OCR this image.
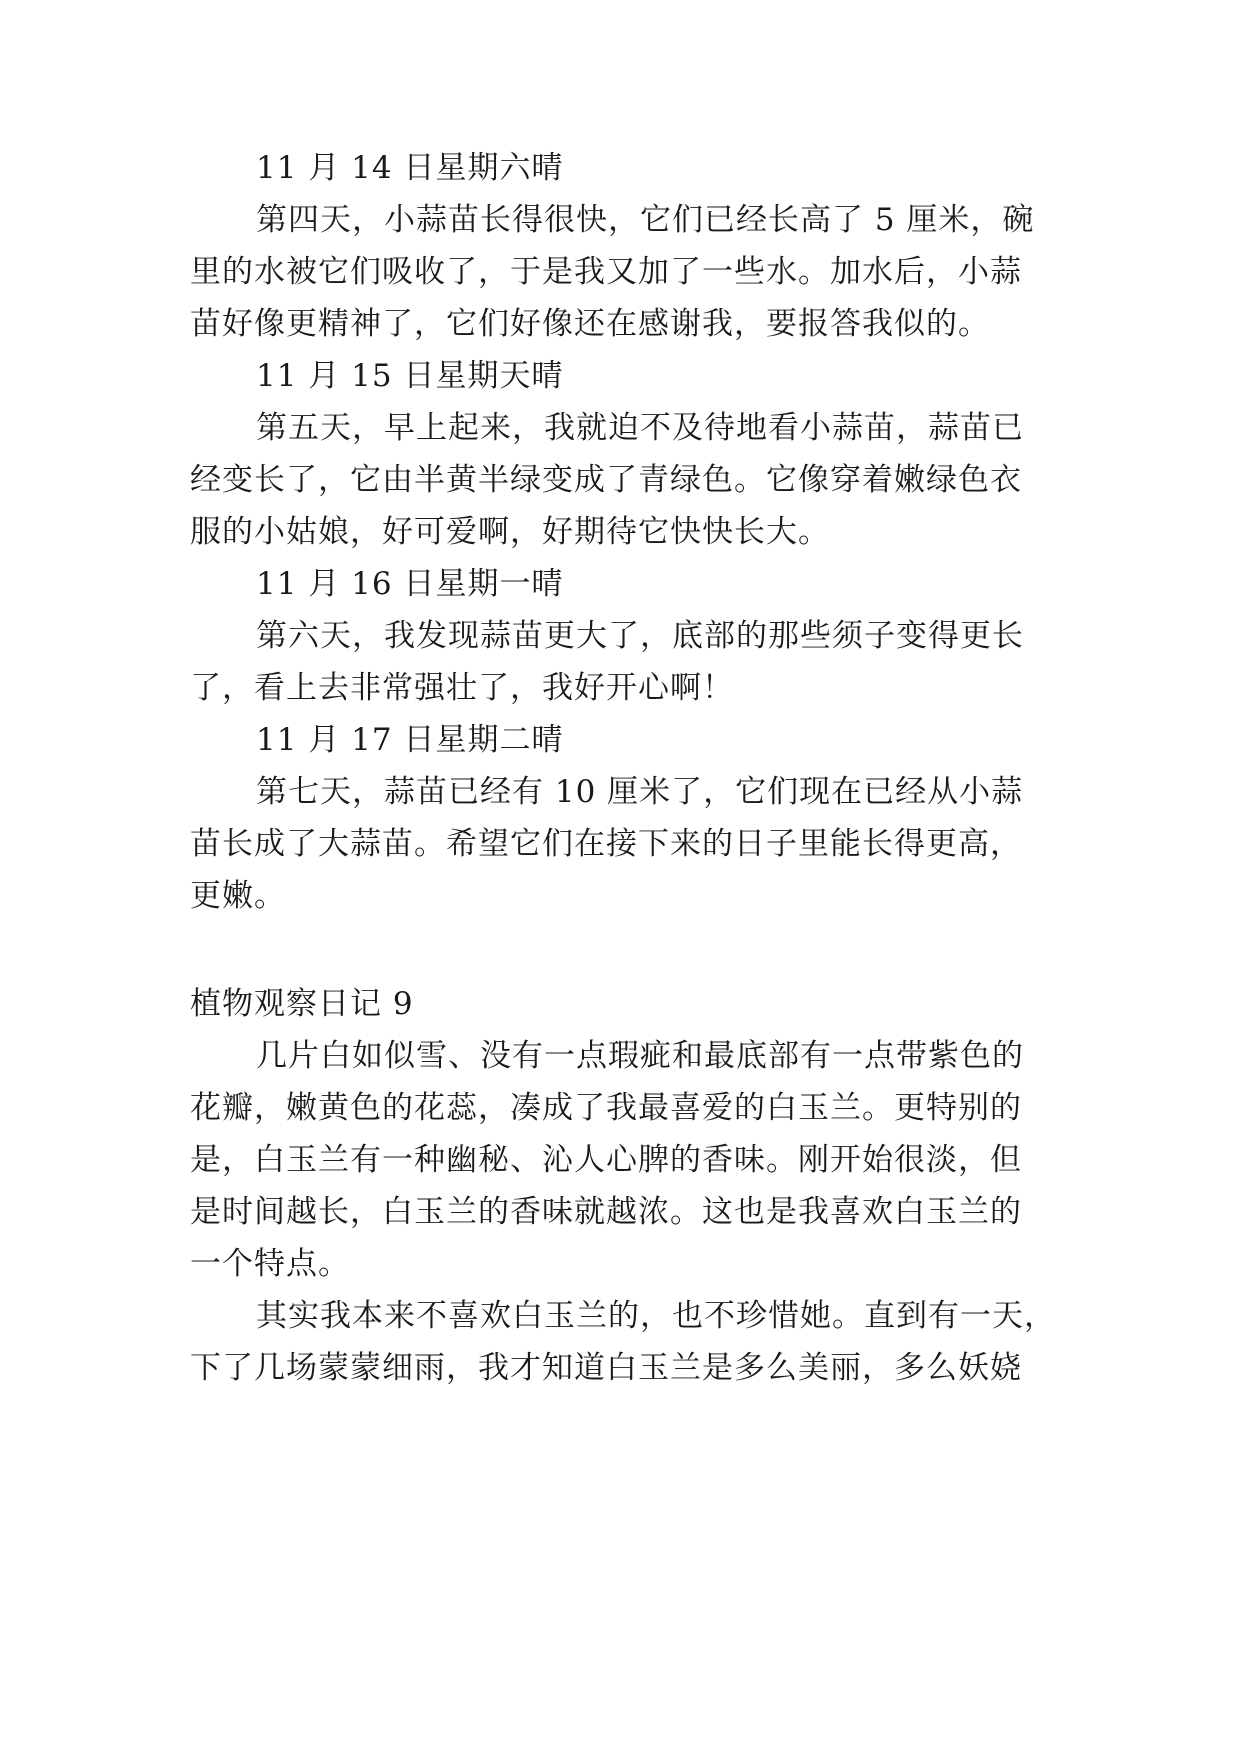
11 月 14 日星期六晴
第四天，小蒜苗长得很快，它们已经长高了 5 厘米，碗
里的水被它们吸收了，于是我又加了一些水。加水后，小蒜
苗好像更精神了，它们好像还在感谢我，要报答我似的。
11 月 15 日星期天晴
第五天，早上起来，我就迫不及待地看小蒜苗，蒜苗已
经变长了，它由半黄半绿变成了青绿色。它像穿着嫩绿色衣
服的小姑娘，好可爱啊，好期待它快快长大。
11 月 16 日星期一晴
第六天，我发现蒜苗更大了，底部的那些须子变得更长
了，看上去非常强壮了，我好开心啊！
11 月 17 日星期二晴
第七天，蒜苗已经有 10 厘米了，它们现在已经从小蒜
苗长成了大蒜苗。希望它们在接下来的日子里能长得更高，
更嫩。
植物观察日记 9
几片白如似雪、没有一点瑕疵和最底部有一点带紫色的
花瓣，嫩黄色的花蕊，凑成了我最喜爱的白玉兰。更特别的
是，白玉兰有一种幽秘、沁人心脾的香味。刚开始很淡，但
是时间越长，白玉兰的香味就越浓。这也是我喜欢白玉兰的
一个特点。
其实我本来不喜欢白玉兰的，也不珍惜她。直到有一天，
下了几场蒙蒙细雨，我才知道白玉兰是多么美丽，多么妖娆
